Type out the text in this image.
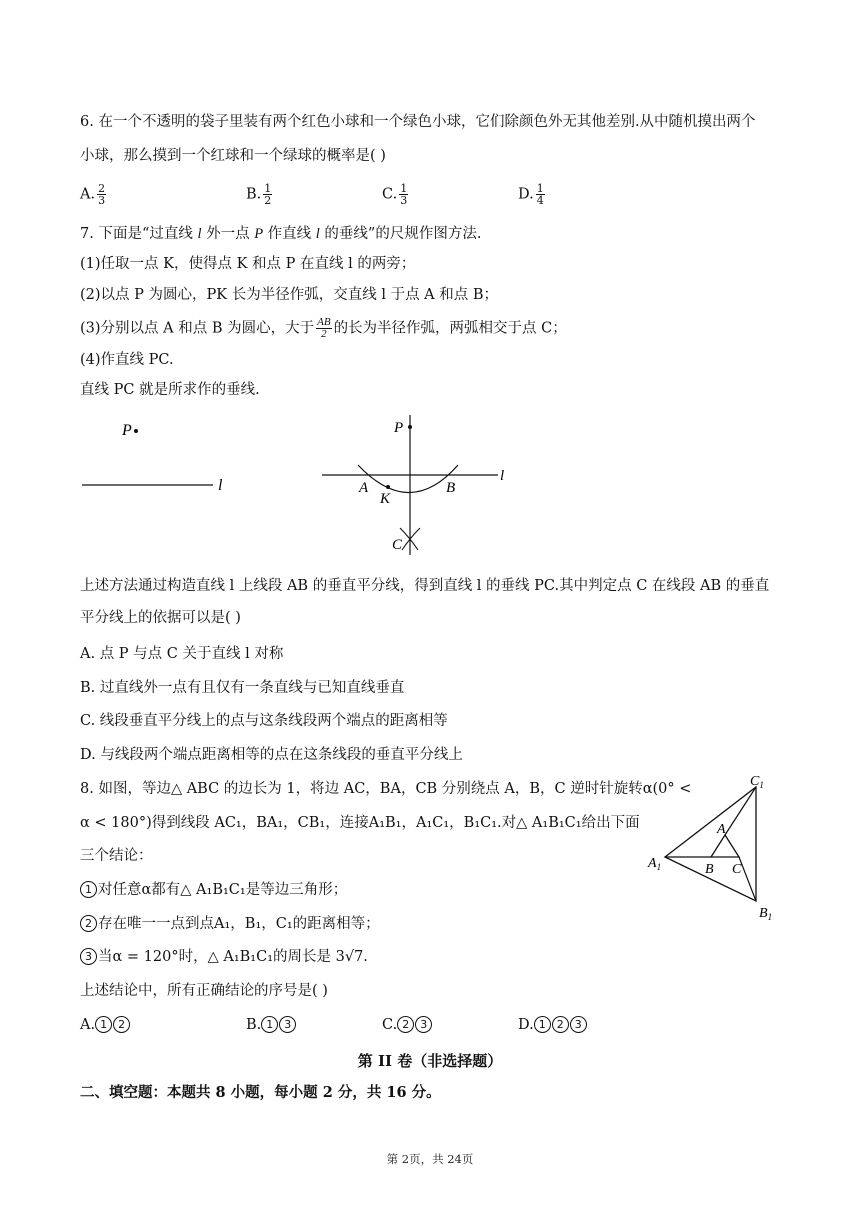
6. 在一个不透明的袋子里装有两个红色小球和一个绿色小球，它们除颜色外无其他差别.从中随机摸出两个
小球，那么摸到一个红球和一个绿球的概率是( )
A. $\frac{2}{3}$	B. $\frac{1}{2}$	C. $\frac{1}{3}$	D. $\frac{1}{4}$
7. 下面是“过直线 l 外一点 P 作直线 l 的垂线”的尺规作图方法.
(1)任取一点 K，使得点 K 和点 P 在直线 l 的两旁；
(2)以点 P 为圆心，PK 长为半径作弧，交直线 l 于点 A 和点 B；
(3)分别以点 A 和点 B 为圆心，大于 $\frac{AB}{2}$ 的长为半径作弧，两弧相交于点 C；
(4)作直线 PC.
直线 PC 就是所求作的垂线.
P
l
P
l
A	B
K
C
上述方法通过构造直线 l 上线段 AB 的垂直平分线，得到直线 l 的垂线 PC.其中判定点 C 在线段 AB 的垂直
平分线上的依据可以是( )
A. 点 P 与点 C 关于直线 l 对称
B. 过直线外一点有且仅有一条直线与已知直线垂直
C. 线段垂直平分线上的点与这条线段两个端点的距离相等
D. 与线段两个端点距离相等的点在这条线段的垂直平分线上
8. 如图，等边△ ABC 的边长为 1，将边 AC，BA，CB 分别绕点 A，B，C 逆时针旋转α(0° <
α < 180°)得到线段 AC₁，BA₁，CB₁，连接A₁B₁，A₁C₁，B₁C₁.对△ A₁B₁C₁给出下面
三个结论：
1 对任意α都有△ A₁B₁C₁是等边三角形；
2 存在唯一一点到点A₁，B₁，C₁的距离相等；
3 当α = 120°时，△ A₁B₁C₁的周长是 3√7.
上述结论中，所有正确结论的序号是( )
A. 1 2	B. 1 3	C. 2 3	D. 1 2 3
A
B C
$A_1$
$B_1$
$C_1$
第 II 卷（非选择题）
二、填空题：本题共 8 小题，每小题 2 分，共 16 分。
第 2页，共 24页
